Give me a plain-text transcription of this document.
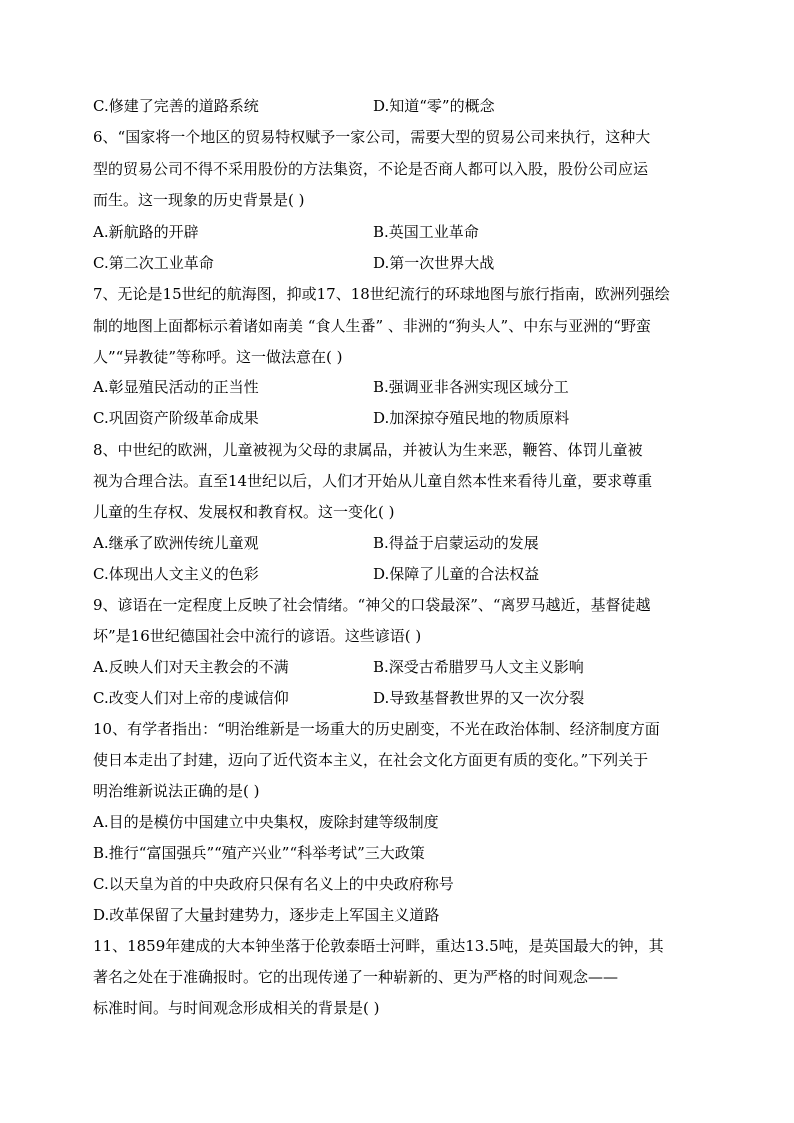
C.修建了完善的道路系统	D.知道“零”的概念
6、“国家将一个地区的贸易特权赋予一家公司，需要大型的贸易公司来执行，这种大
型的贸易公司不得不采用股份的方法集资，不论是否商人都可以入股，股份公司应运
而生。这一现象的历史背景是( )
A.新航路的开辟	B.英国工业革命
C.第二次工业革命	D.第一次世界大战
7、无论是15世纪的航海图，抑或17、18世纪流行的环球地图与旅行指南，欧洲列强绘
制的地图上面都标示着诸如南美 “食人生番” 、非洲的“狗头人”、中东与亚洲的“野蛮
人”“异教徒”等称呼。这一做法意在( )
A.彰显殖民活动的正当性	B.强调亚非各洲实现区域分工
C.巩固资产阶级革命成果	D.加深掠夺殖民地的物质原料
8、中世纪的欧洲，儿童被视为父母的隶属品，并被认为生来恶，鞭笞、体罚儿童被
视为合理合法。直至14世纪以后，人们才开始从儿童自然本性来看待儿童，要求尊重
儿童的生存权、发展权和教育权。这一变化( )
A.继承了欧洲传统儿童观	B.得益于启蒙运动的发展
C.体现出人文主义的色彩	D.保障了儿童的合法权益
9、谚语在一定程度上反映了社会情绪。“神父的口袋最深”、“离罗马越近，基督徒越
坏”是16世纪德国社会中流行的谚语。这些谚语( )
A.反映人们对天主教会的不满	B.深受古希腊罗马人文主义影响
C.改变人们对上帝的虔诚信仰	D.导致基督教世界的又一次分裂
10、有学者指出：“明治维新是一场重大的历史剧变，不光在政治体制、经济制度方面
使日本走出了封建，迈向了近代资本主义，在社会文化方面更有质的变化。”下列关于
明治维新说法正确的是( )
A.目的是模仿中国建立中央集权，废除封建等级制度
B.推行“富国强兵”“殖产兴业”“科举考试”三大政策
C.以天皇为首的中央政府只保有名义上的中央政府称号
D.改革保留了大量封建势力，逐步走上军国主义道路
11、1859年建成的大本钟坐落于伦敦泰晤士河畔，重达13.5吨，是英国最大的钟，其
著名之处在于准确报时。它的出现传递了一种崭新的、更为严格的时间观念——
标准时间。与时间观念形成相关的背景是( )
